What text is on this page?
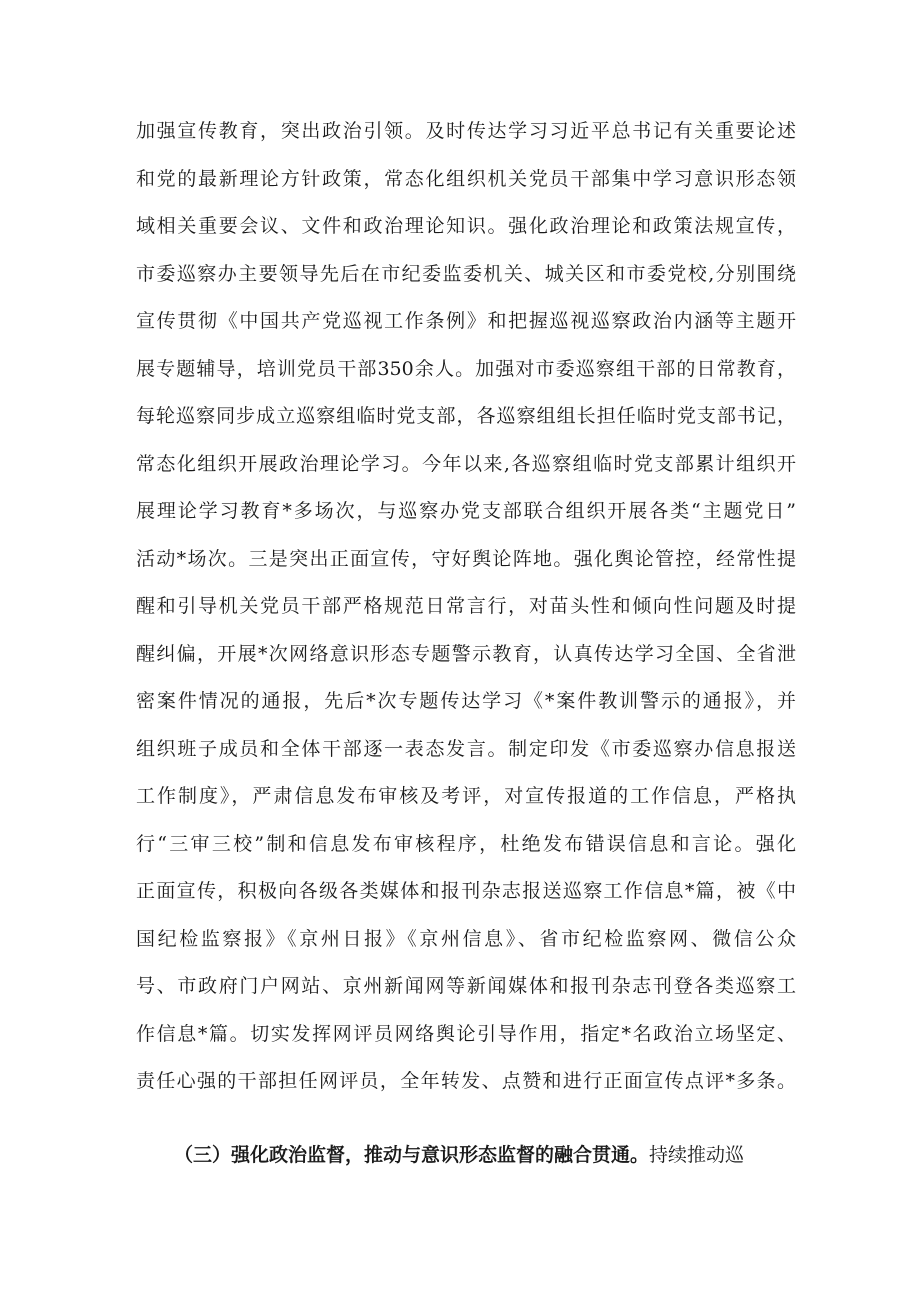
加强宣传教育，突出政治引领。及时传达学习习近平总书记有关重要论述
和党的最新理论方针政策，常态化组织机关党员干部集中学习意识形态领
域相关重要会议、文件和政治理论知识。强化政治理论和政策法规宣传，
市委巡察办主要领导先后在市纪委监委机关、城关区和市委党校,分别围绕
宣传贯彻《中国共产党巡视工作条例》和把握巡视巡察政治内涵等主题开
展专题辅导，培训党员干部350余人。加强对市委巡察组干部的日常教育，
每轮巡察同步成立巡察组临时党支部，各巡察组组长担任临时党支部书记，
常态化组织开展政治理论学习。今年以来,各巡察组临时党支部累计组织开
展理论学习教育*多场次，与巡察办党支部联合组织开展各类“主题党日”
活动*场次。三是突出正面宣传，守好舆论阵地。强化舆论管控，经常性提
醒和引导机关党员干部严格规范日常言行，对苗头性和倾向性问题及时提
醒纠偏，开展*次网络意识形态专题警示教育，认真传达学习全国、全省泄
密案件情况的通报，先后*次专题传达学习《*案件教训警示的通报》，并
组织班子成员和全体干部逐一表态发言。制定印发《市委巡察办信息报送
工作制度》，严肃信息发布审核及考评，对宣传报道的工作信息，严格执
行“三审三校”制和信息发布审核程序，杜绝发布错误信息和言论。强化
正面宣传，积极向各级各类媒体和报刊杂志报送巡察工作信息*篇，被《中
国纪检监察报》《京州日报》《京州信息》、省市纪检监察网、微信公众
号、市政府门户网站、京州新闻网等新闻媒体和报刊杂志刊登各类巡察工
作信息*篇。切实发挥网评员网络舆论引导作用，指定*名政治立场坚定、
责任心强的干部担任网评员，全年转发、点赞和进行正面宣传点评*多条。
（三）强化政治监督，推动与意识形态监督的融合贯通。持续推动巡
